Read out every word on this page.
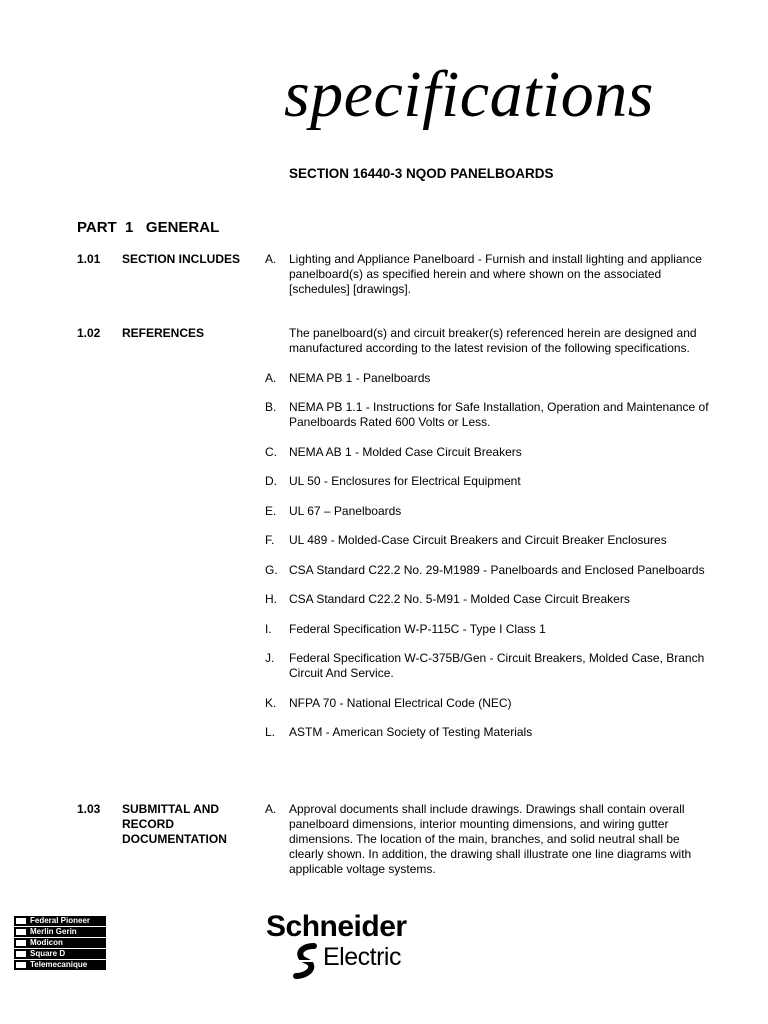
specifications
SECTION 16440-3 NQOD PANELBOARDS
PART  1   GENERAL
1.01 SECTION INCLUDES	A. Lighting and Appliance Panelboard - Furnish and install lighting and appliance panelboard(s) as specified herein and where shown on the associated [schedules] [drawings].
1.02 REFERENCES	The panelboard(s) and circuit breaker(s) referenced herein are designed and manufactured according to the latest revision of the following specifications.
A. NEMA PB 1 - Panelboards
B. NEMA PB 1.1 - Instructions for Safe Installation, Operation and Maintenance of Panelboards Rated 600 Volts or Less.
C. NEMA AB 1 - Molded Case Circuit Breakers
D. UL 50 - Enclosures for Electrical Equipment
E. UL 67 – Panelboards
F. UL 489 - Molded-Case Circuit Breakers and Circuit Breaker Enclosures
G. CSA Standard C22.2 No. 29-M1989 - Panelboards and Enclosed Panelboards
H. CSA Standard C22.2 No. 5-M91 - Molded Case Circuit Breakers
I. Federal Specification W-P-115C - Type I Class 1
J. Federal Specification W-C-375B/Gen - Circuit Breakers, Molded Case, Branch Circuit And Service.
K. NFPA 70 - National Electrical Code (NEC)
L. ASTM - American Society of Testing Materials
1.03 SUBMITTAL AND
RECORD
DOCUMENTATION
A. Approval documents shall include drawings. Drawings shall contain overall panelboard dimensions, interior mounting dimensions, and wiring gutter dimensions. The location of the main, branches, and solid neutral shall be clearly shown. In addition, the drawing shall illustrate one line diagrams with applicable voltage systems.
Federal Pioneer
Merlin Gerin
Modicon
Square D
Telemecanique
Schneider
Electric
